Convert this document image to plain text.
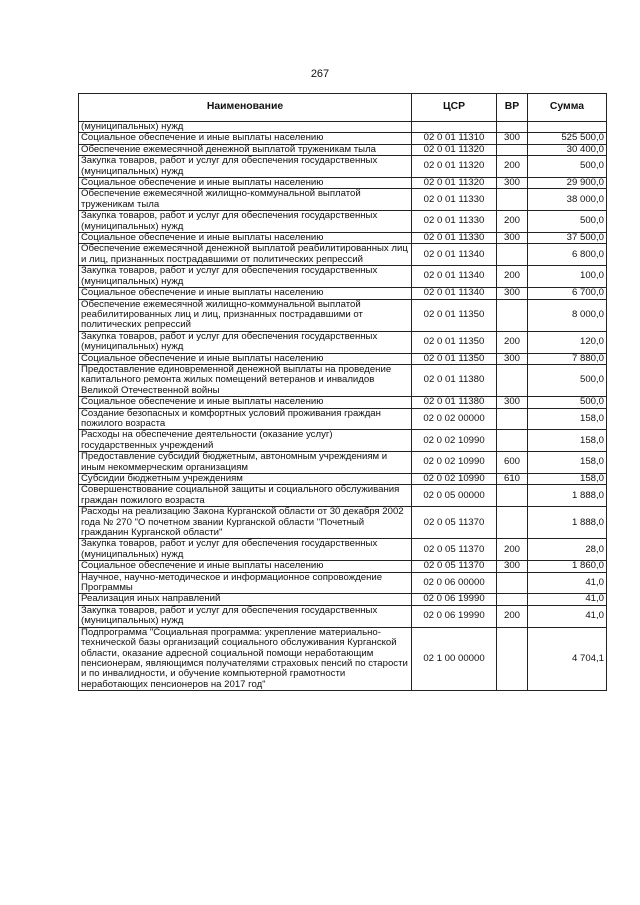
267
Наименование	ЦСР	ВР	Сумма
(муниципальных) нужд			
Социальное обеспечение и иные выплаты населению	02 0 01 11310	300	525 500,0
Обеспечение ежемесячной денежной выплатой труженикам тыла	02 0 01 11320		30 400,0
Закупка товаров, работ и услуг для обеспечения государственных (муниципальных) нужд	02 0 01 11320	200	500,0
Социальное обеспечение и иные выплаты населению	02 0 01 11320	300	29 900,0
Обеспечение ежемесячной жилищно-коммунальной выплатой труженикам тыла	02 0 01 11330		38 000,0
Закупка товаров, работ и услуг для обеспечения государственных (муниципальных) нужд	02 0 01 11330	200	500,0
Социальное обеспечение и иные выплаты населению	02 0 01 11330	300	37 500,0
Обеспечение ежемесячной денежной выплатой реабилитированных лиц и лиц, признанных пострадавшими от политических репрессий	02 0 01 11340		6 800,0
Закупка товаров, работ и услуг для обеспечения государственных (муниципальных) нужд	02 0 01 11340	200	100,0
Социальное обеспечение и иные выплаты населению	02 0 01 11340	300	6 700,0
Обеспечение ежемесячной жилищно-коммунальной выплатой реабилитированных лиц и лиц, признанных пострадавшими от политических репрессий	02 0 01 11350		8 000,0
Закупка товаров, работ и услуг для обеспечения государственных (муниципальных) нужд	02 0 01 11350	200	120,0
Социальное обеспечение и иные выплаты населению	02 0 01 11350	300	7 880,0
Предоставление единовременной денежной выплаты на проведение капитального ремонта жилых помещений ветеранов и инвалидов Великой Отечественной войны	02 0 01 11380		500,0
Социальное обеспечение и иные выплаты населению	02 0 01 11380	300	500,0
Создание безопасных и комфортных условий проживания граждан пожилого возраста	02 0 02 00000		158,0
Расходы на обеспечение деятельности (оказание услуг) государственных учреждений	02 0 02 10990		158,0
Предоставление субсидий бюджетным, автономным учреждениям и иным некоммерческим организациям	02 0 02 10990	600	158,0
Субсидии бюджетным учреждениям	02 0 02 10990	610	158,0
Совершенствование социальной защиты и социального обслуживания граждан пожилого возраста	02 0 05 00000		1 888,0
Расходы на реализацию Закона Курганской области от 30 декабря 2002 года № 270 "О почетном звании Курганской области "Почетный гражданин Курганской области"	02 0 05 11370		1 888,0
Закупка товаров, работ и услуг для обеспечения государственных (муниципальных) нужд	02 0 05 11370	200	28,0
Социальное обеспечение и иные выплаты населению	02 0 05 11370	300	1 860,0
Научное, научно-методическое и информационное сопровождение Программы	02 0 06 00000		41,0
Реализация иных направлений	02 0 06 19990		41,0
Закупка товаров, работ и услуг для обеспечения государственных (муниципальных) нужд	02 0 06 19990	200	41,0
Подпрограмма "Социальная программа: укрепление материально-технической базы организаций социального обслуживания Курганской области, оказание адресной социальной помощи неработающим пенсионерам, являющимся получателями страховых пенсий по старости и по инвалидности, и обучение компьютерной грамотности неработающих пенсионеров на 2017 год"	02 1 00 00000		4 704,1
